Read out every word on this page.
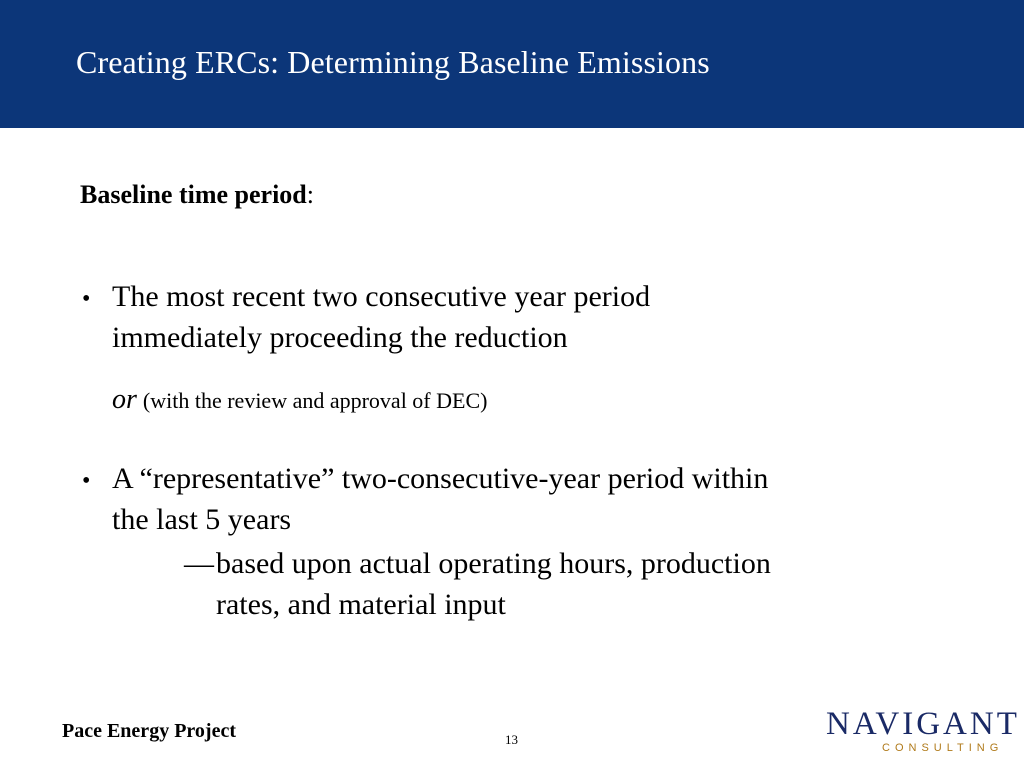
Creating ERCs: Determining Baseline Emissions
Baseline time period:
• The most recent two consecutive year period
immediately proceeding the reduction
or (with the review and approval of DEC)
• A “representative” two-consecutive-year period within
the last 5 years
—based upon actual operating hours, production
rates, and material input
Pace Energy Project	13	NAVIGANT
CONSULTING
